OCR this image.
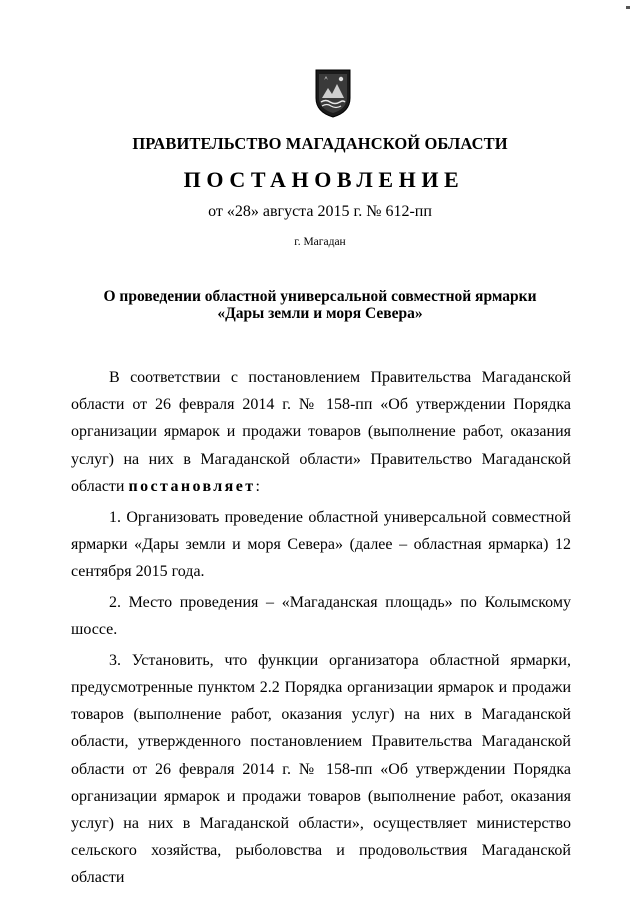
ПРАВИТЕЛЬСТВО МАГАДАНСКОЙ ОБЛАСТИ
ПОСТАНОВЛЕНИЕ
от «28» августа 2015 г. № 612-пп
г. Магадан
О проведении областной универсальной совместной ярмарки
«Дары земли и моря Севера»

В соответствии с постановлением Правительства Магаданской области от 26 февраля 2014 г. № 158-пп «Об утверждении Порядка организации ярмарок и продажи товаров (выполнение работ, оказания услуг) на них в Магаданской области» Правительство Магаданской области постановляет:

1. Организовать проведение областной универсальной совместной ярмарки «Дары земли и моря Севера» (далее – областная ярмарка) 12 сентября 2015 года.

2. Место проведения – «Магаданская площадь» по Колымскому шоссе.

3. Установить, что функции организатора областной ярмарки, предусмотренные пунктом 2.2 Порядка организации ярмарок и продажи товаров (выполнение работ, оказания услуг) на них в Магаданской области, утвержденного постановлением Правительства Магаданской области от 26 февраля 2014 г. № 158-пп «Об утверждении Порядка организации ярмарок и продажи товаров (выполнение работ, оказания услуг) на них в Магаданской области», осуществляет министерство сельского хозяйства, рыболовства и продовольствия Магаданской области
